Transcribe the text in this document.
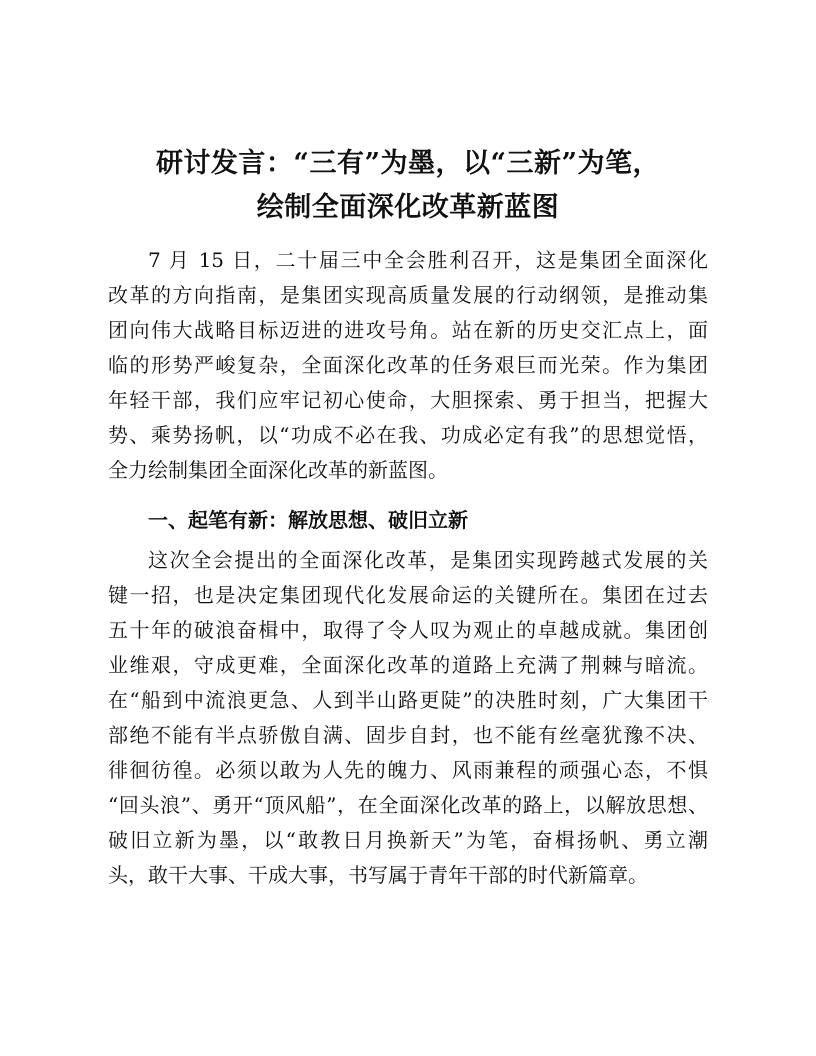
研讨发言：“三有”为墨，以“三新”为笔，
绘制全面深化改革新蓝图

7 月 15 日，二十届三中全会胜利召开，这是集团全面深化

改革的方向指南，是集团实现高质量发展的行动纲领，是推动集

团向伟大战略目标迈进的进攻号角。站在新的历史交汇点上，面

临的形势严峻复杂，全面深化改革的任务艰巨而光荣。作为集团

年轻干部，我们应牢记初心使命，大胆探索、勇于担当，把握大

势、乘势扬帆，以“功成不必在我、功成必定有我”的思想觉悟，

全力绘制集团全面深化改革的新蓝图。

一、起笔有新：解放思想、破旧立新

这次全会提出的全面深化改革，是集团实现跨越式发展的关

键一招，也是决定集团现代化发展命运的关键所在。集团在过去

五十年的破浪奋楫中，取得了令人叹为观止的卓越成就。集团创

业维艰，守成更难，全面深化改革的道路上充满了荆棘与暗流。

在“船到中流浪更急、人到半山路更陡”的决胜时刻，广大集团干

部绝不能有半点骄傲自满、固步自封，也不能有丝毫犹豫不决、

徘徊彷徨。必须以敢为人先的魄力、风雨兼程的顽强心态，不惧

“回头浪”、勇开“顶风船”，在全面深化改革的路上，以解放思想、

破旧立新为墨，以“敢教日月换新天”为笔，奋楫扬帆、勇立潮

头，敢干大事、干成大事，书写属于青年干部的时代新篇章。
